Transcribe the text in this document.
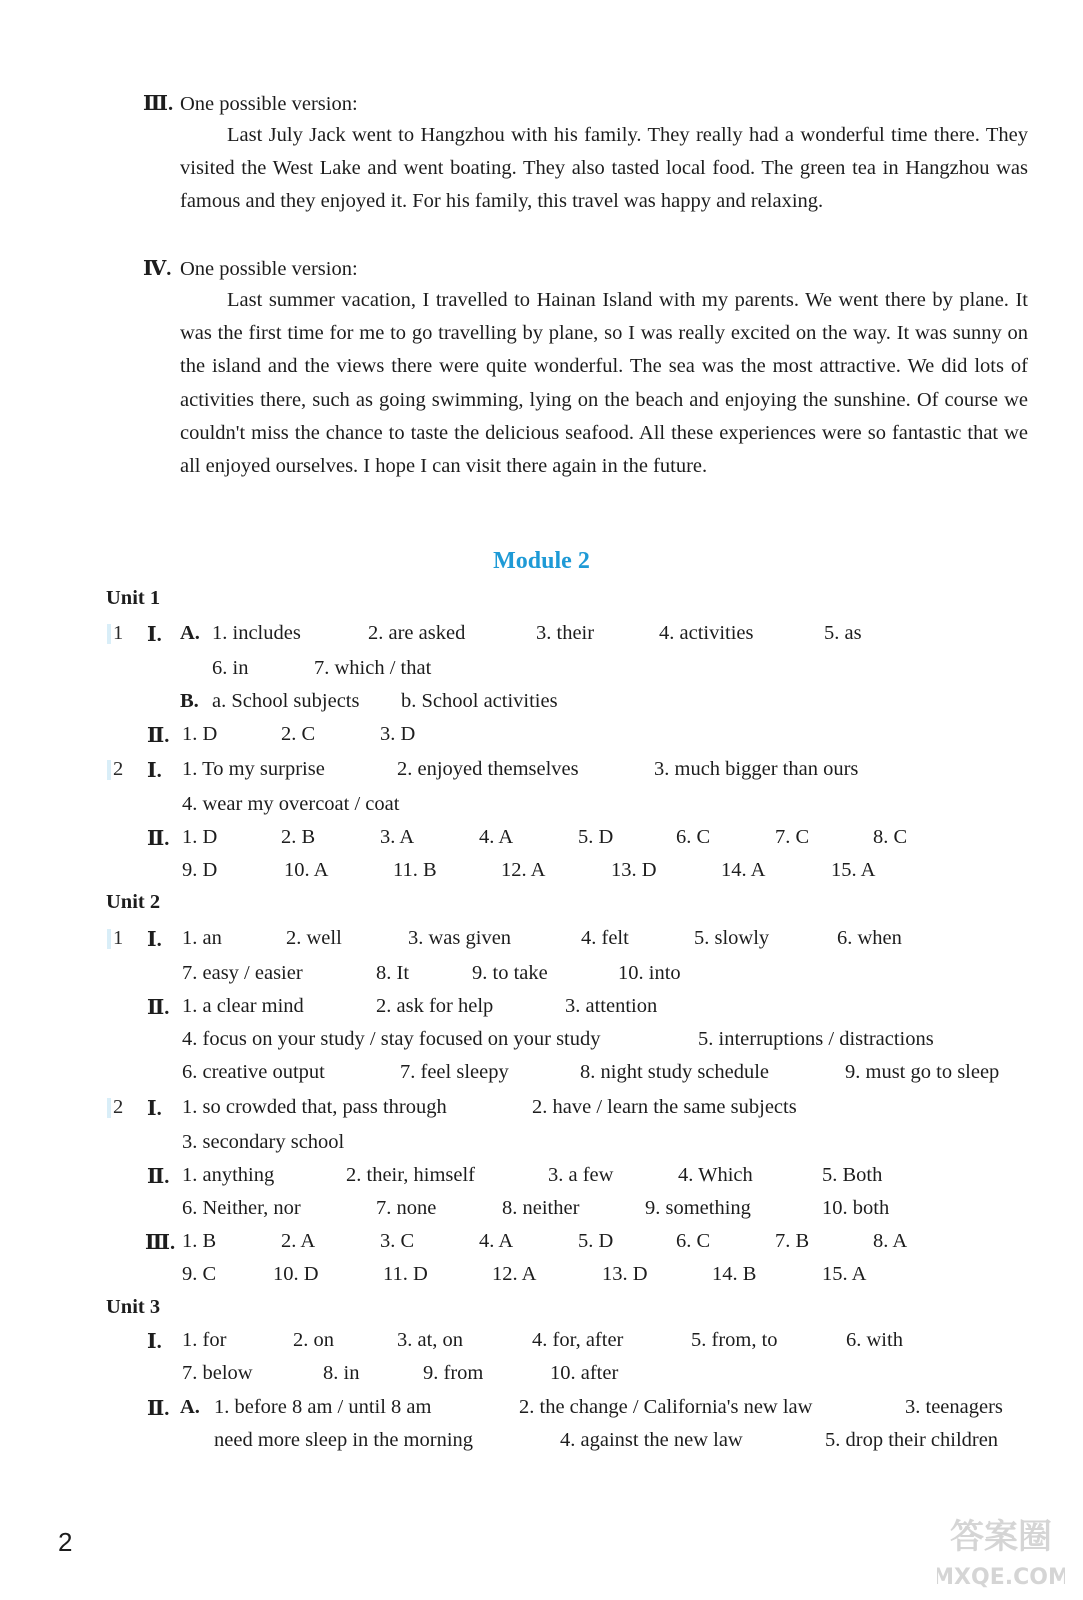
Ⅲ. One possible version:
Last July Jack went to Hangzhou with his family. They really had a wonderful time there. They visited the West Lake and went boating. They also tasted local food. The green tea in Hangzhou was famous and they enjoyed it. For his family, this travel was happy and relaxing.
Ⅳ. One possible version:
Last summer vacation, I travelled to Hainan Island with my parents. We went there by plane. It was the first time for me to go travelling by plane, so I was really excited on the way. It was sunny on the island and the views there were quite wonderful. The sea was the most attractive. We did lots of activities there, such as going swimming, lying on the beach and enjoying the sunshine. Of course we couldn't miss the chance to taste the delicious seafood. All these experiences were so fantastic that we all enjoyed ourselves. I hope I can visit there again in the future.
Module 2
Unit 1
1 Ⅰ. A. 1. includes	2. are asked	3. their	4. activities	5. as
6. in	7. which / that
B. a. School subjects b. School activities
Ⅱ. 1. D	2. C	3. D
2 Ⅰ. 1. To my surprise	2. enjoyed themselves	3. much bigger than ours
4. wear my overcoat / coat
Ⅱ. 1. D	2. B	3. A	4. A	5. D	6. C	7. C	8. C
9. D	10. A	11. B	12. A	13. D	14. A	15. A
Unit 2
1 Ⅰ. 1. an	2. well	3. was given	4. felt	5. slowly	6. when
7. easy / easier	8. It	9. to take	10. into
Ⅱ. 1. a clear mind	2. ask for help	3. attention
4. focus on your study / stay focused on your study	5. interruptions / distractions
6. creative output	7. feel sleepy	8. night study schedule	9. must go to sleep
2 Ⅰ. 1. so crowded that, pass through	2. have / learn the same subjects
3. secondary school
Ⅱ. 1. anything	2. their, himself	3. a few	4. Which	5. Both
6. Neither, nor	7. none	8. neither	9. something	10. both
Ⅲ. 1. B	2. A	3. C	4. A	5. D	6. C	7. B	8. A
9. C	10. D	11. D	12. A	13. D	14. B	15. A
Unit 3
Ⅰ. 1. for	2. on	3. at, on	4. for, after	5. from, to	6. with
7. below	8. in	9. from	10. after
Ⅱ. A. 1. before 8 am / until 8 am	2. the change / California's new law	3. teenagers
need more sleep in the morning	4. against the new law	5. drop their children
2	答案圈
MXQE.COM
